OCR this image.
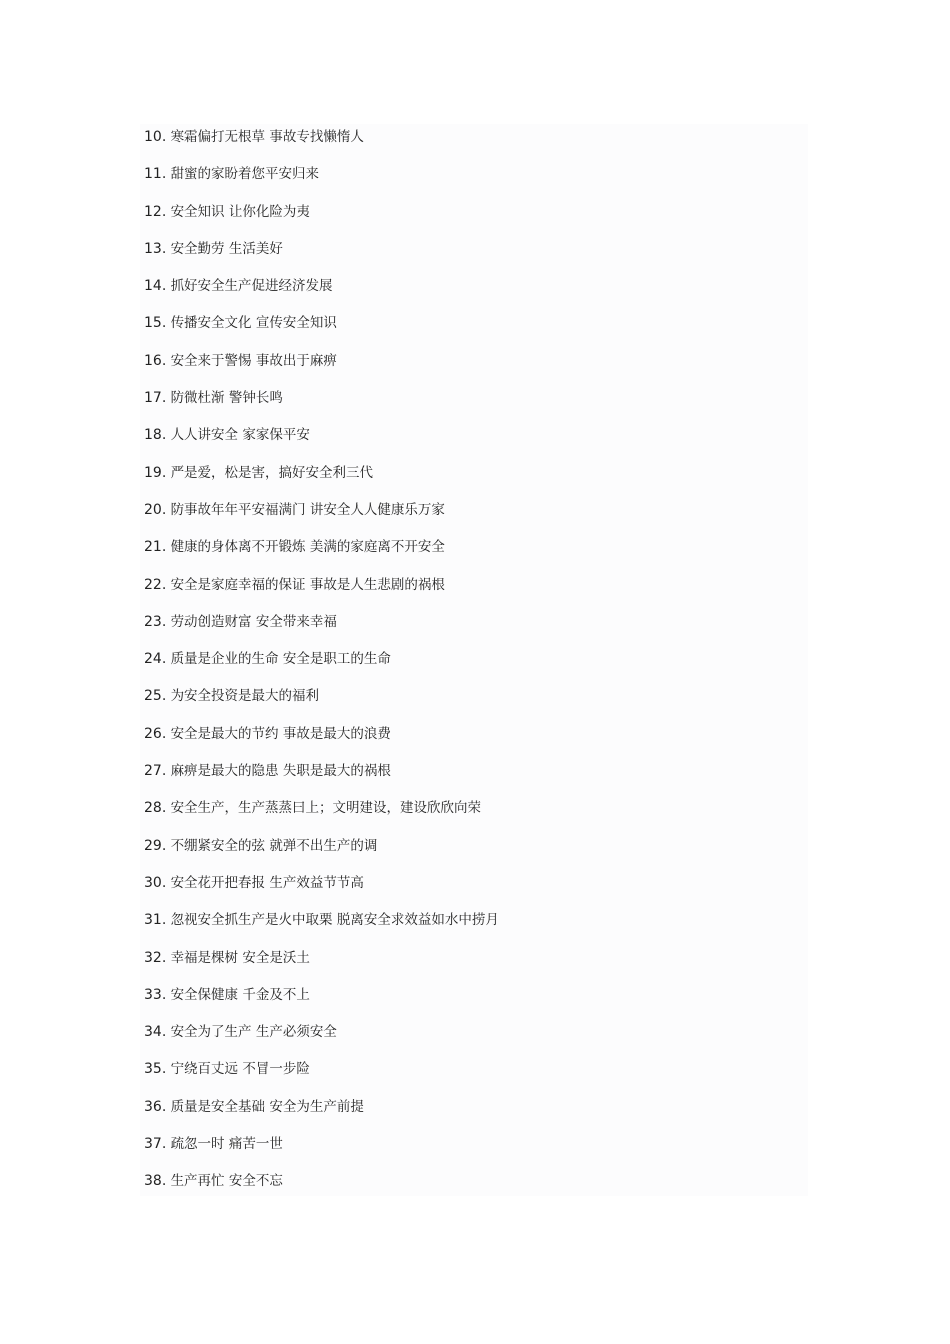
10. 寒霜偏打无根草 事故专找懒惰人
11. 甜蜜的家盼着您平安归来
12. 安全知识 让你化险为夷
13. 安全勤劳 生活美好
14. 抓好安全生产促进经济发展
15. 传播安全文化 宣传安全知识
16. 安全来于警惕 事故出于麻痹
17. 防微杜渐 警钟长鸣
18. 人人讲安全 家家保平安
19. 严是爱，松是害，搞好安全利三代
20. 防事故年年平安福满门 讲安全人人健康乐万家
21. 健康的身体离不开锻炼 美满的家庭离不开安全
22. 安全是家庭幸福的保证 事故是人生悲剧的祸根
23. 劳动创造财富 安全带来幸福
24. 质量是企业的生命 安全是职工的生命
25. 为安全投资是最大的福利
26. 安全是最大的节约 事故是最大的浪费
27. 麻痹是最大的隐患 失职是最大的祸根
28. 安全生产，生产蒸蒸曰上；文明建设，建设欣欣向荣
29. 不绷紧安全的弦 就弹不出生产的调
30. 安全花开把春报 生产效益节节高
31. 忽视安全抓生产是火中取栗 脱离安全求效益如水中捞月
32. 幸福是棵树 安全是沃土
33. 安全保健康 千金及不上
34. 安全为了生产 生产必须安全
35. 宁绕百丈远 不冒一步险
36. 质量是安全基础 安全为生产前提
37. 疏忽一时 痛苦一世
38. 生产再忙 安全不忘
